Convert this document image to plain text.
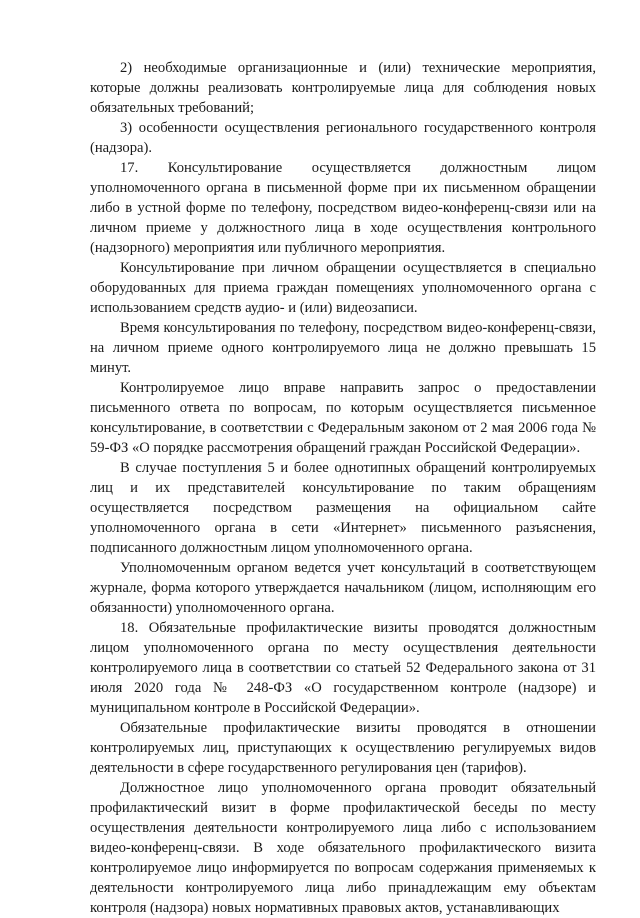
2) необходимые организационные и (или) технические мероприятия, которые должны реализовать контролируемые лица для соблюдения новых обязательных требований;

3) особенности осуществления регионального государственного контроля (надзора).

17. Консультирование осуществляется должностным лицом уполномоченного органа в письменной форме при их письменном обращении либо в устной форме по телефону, посредством видео-конференц-связи или на личном приеме у должностного лица в ходе осуществления контрольного (надзорного) мероприятия или публичного мероприятия.

Консультирование при личном обращении осуществляется в специально оборудованных для приема граждан помещениях уполномоченного органа с использованием средств аудио- и (или) видеозаписи.

Время консультирования по телефону, посредством видео-конференц-связи, на личном приеме одного контролируемого лица не должно превышать 15 минут.

Контролируемое лицо вправе направить запрос о предоставлении письменного ответа по вопросам, по которым осуществляется письменное консультирование, в соответствии с Федеральным законом от 2 мая 2006 года № 59-ФЗ «О порядке рассмотрения обращений граждан Российской Федерации».

В случае поступления 5 и более однотипных обращений контролируемых лиц и их представителей консультирование по таким обращениям осуществляется посредством размещения на официальном сайте уполномоченного органа в сети «Интернет» письменного разъяснения, подписанного должностным лицом уполномоченного органа.

Уполномоченным органом ведется учет консультаций в соответствующем журнале, форма которого утверждается начальником (лицом, исполняющим его обязанности) уполномоченного органа.

18. Обязательные профилактические визиты проводятся должностным лицом уполномоченного органа по месту осуществления деятельности контролируемого лица в соответствии со статьей 52 Федерального закона от 31 июля 2020 года № 248-ФЗ «О государственном контроле (надзоре) и муниципальном контроле в Российской Федерации».

Обязательные профилактические визиты проводятся в отношении контролируемых лиц, приступающих к осуществлению регулируемых видов деятельности в сфере государственного регулирования цен (тарифов).

Должностное лицо уполномоченного органа проводит обязательный профилактический визит в форме профилактической беседы по месту осуществления деятельности контролируемого лица либо с использованием видео-конференц-связи. В ходе обязательного профилактического визита контролируемое лицо информируется по вопросам содержания применяемых к деятельности контролируемого лица либо принадлежащим ему объектам контроля (надзора) новых нормативных правовых актов, устанавливающих
